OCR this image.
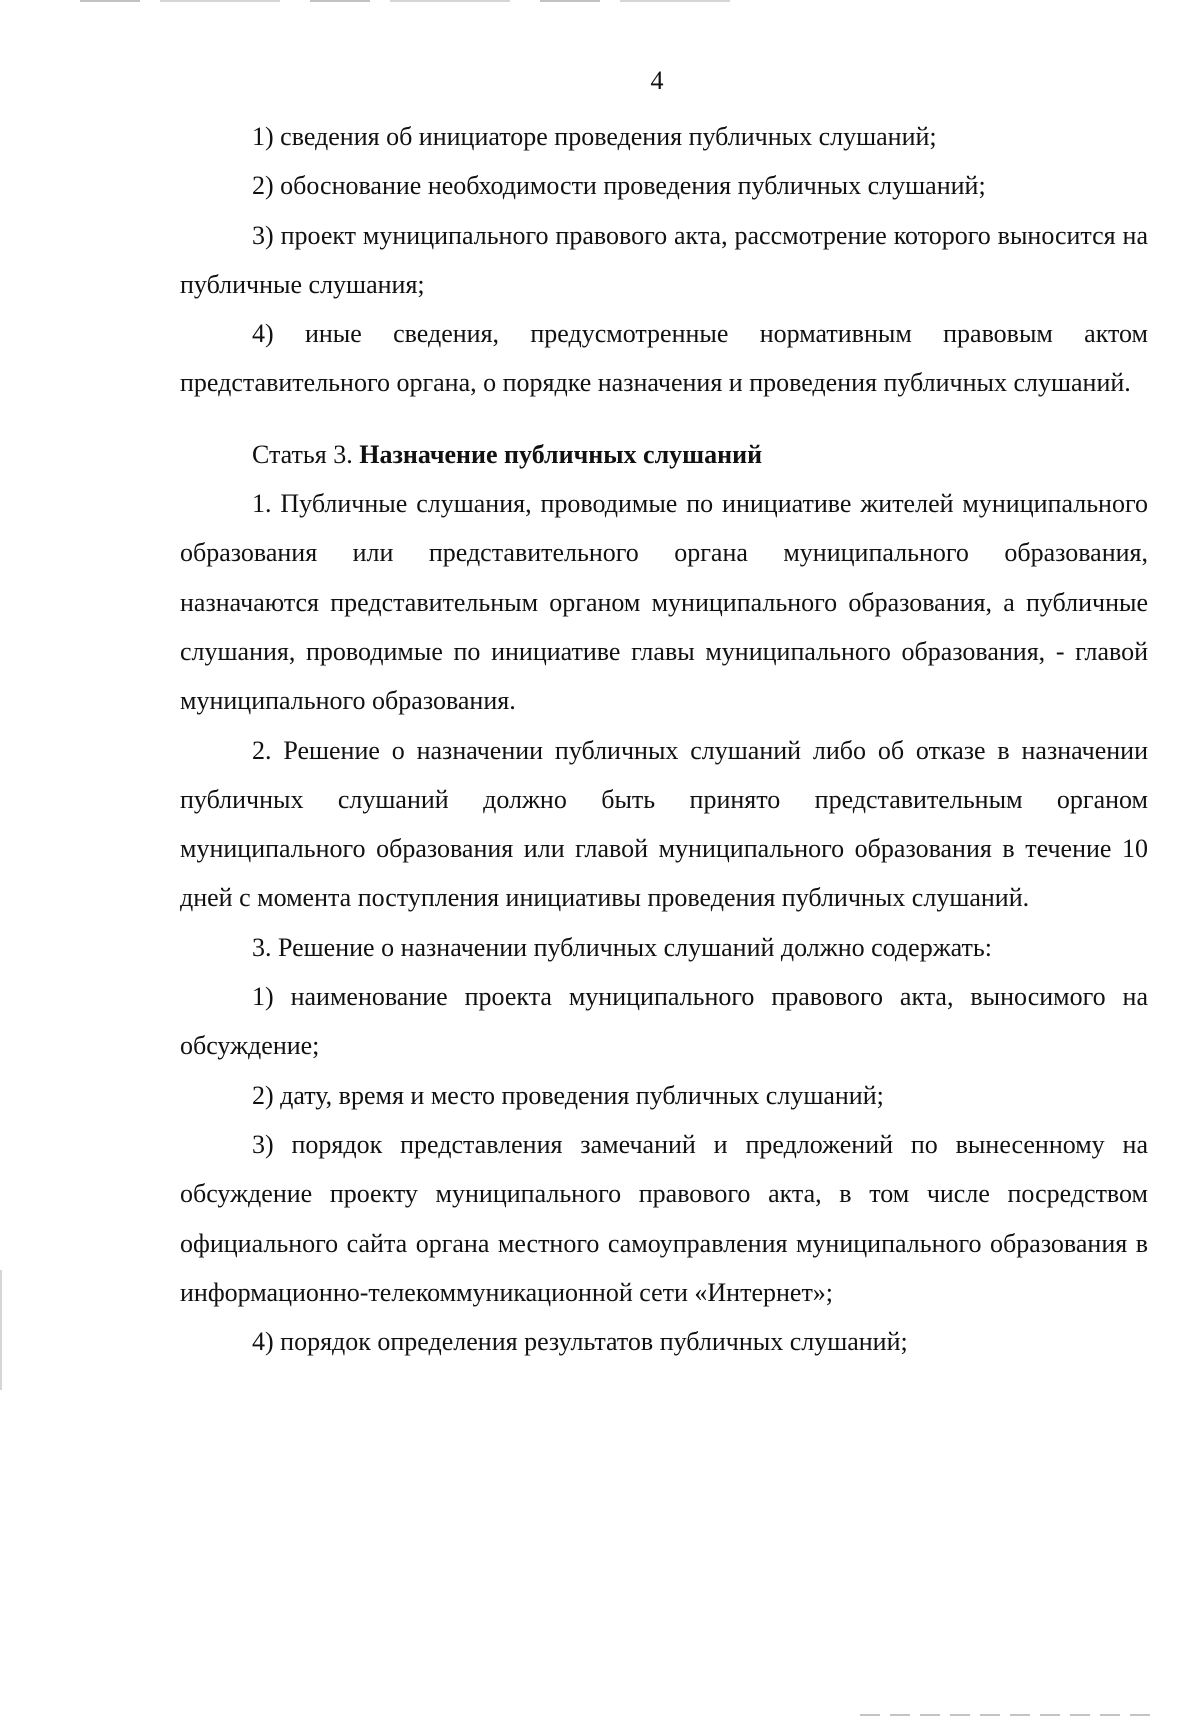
4

1) сведения об инициаторе проведения публичных слушаний;

2) обоснование необходимости проведения публичных слушаний;

3) проект муниципального правового акта, рассмотрение которого выносится на публичные слушания;

4) иные сведения, предусмотренные нормативным правовым актом представительного органа, о порядке назначения и проведения публичных слушаний.

Статья 3. Назначение публичных слушаний

1. Публичные слушания, проводимые по инициативе жителей муниципального образования или представительного органа муниципального образования, назначаются представительным органом муниципального образования, а публичные слушания, проводимые по инициативе главы муниципального образования, - главой муниципального образования.

2. Решение о назначении публичных слушаний либо об отказе в назначении публичных слушаний должно быть принято представительным органом муниципального образования или главой муниципального образования в течение 10 дней с момента поступления инициативы проведения публичных слушаний.

3. Решение о назначении публичных слушаний должно содержать:

1) наименование проекта муниципального правового акта, выносимого на обсуждение;

2) дату, время и место проведения публичных слушаний;

3) порядок представления замечаний и предложений по вынесенному на обсуждение проекту муниципального правового акта, в том числе посредством официального сайта органа местного самоуправления муниципального образования в информационно-телекоммуникационной сети «Интернет»;

4) порядок определения результатов публичных слушаний;
